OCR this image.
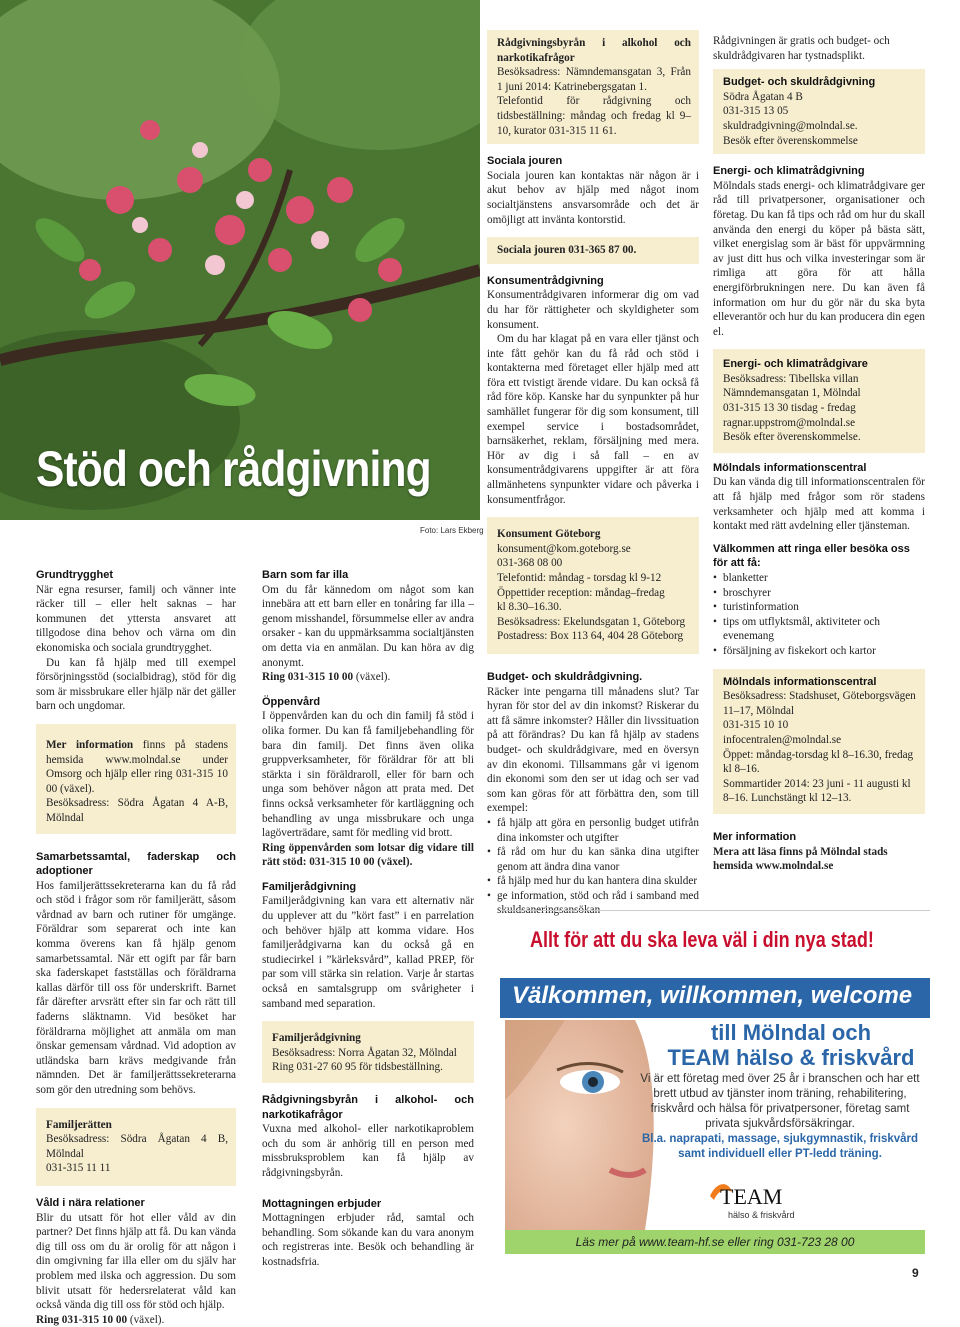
Stöd och rådgivning
Foto: Lars Ekberg

Grundtrygghet

När egna resurser, familj och vänner inte räcker till – eller helt saknas – har kommunen det yttersta ansvaret att tillgodose dina behov och värna om din ekonomiska och sociala grundtrygghet.

Du kan få hjälp med till exempel försörjningsstöd (socialbidrag), stöd för dig som är missbrukare eller hjälp när det gäller barn och ungdomar.

Mer information finns på stadens hemsida www.molndal.se under Omsorg och hjälp eller ring 031-315 10 00 (växel).

Besöksadress: Södra Ågatan 4 A-B, Mölndal

Samarbetssamtal, faderskap och adoptioner

Hos familjerättssekreterarna kan du få råd och stöd i frågor som rör familjerätt, såsom vårdnad av barn och rutiner för umgänge. Föräldrar som separerat och inte kan komma överens kan få hjälp genom samarbetssamtal. När ett ogift par får barn ska faderskapet fastställas och föräldrarna kallas därför till oss för underskrift. Barnet får därefter arvsrätt efter sin far och rätt till faderns släktnamn. Vid besöket har föräldrarna möjlighet att anmäla om man önskar gemensam vårdnad. Vid adoption av utländska barn krävs medgivande från nämnden. Det är familjerättssekreterarna som gör den utredning som behövs.

Familjerätten

Besöksadress: Södra Ågatan 4 B, Mölndal

031-315 11 11

Våld i nära relationer

Blir du utsatt för hot eller våld av din partner? Det finns hjälp att få. Du kan vända dig till oss om du är orolig för att någon i din omgivning far illa eller om du själv har problem med ilska och aggression. Du som blivit utsatt för hedersrelaterat våld kan också vända dig till oss för stöd och hjälp.

Ring 031-315 10 00 (växel).

Barn som far illa

Om du får kännedom om något som kan innebära att ett barn eller en tonåring far illa – genom misshandel, försummelse eller av andra orsaker - kan du uppmärksamma socialtjänsten om detta via en anmälan. Du kan höra av dig anonymt.

Ring 031-315 10 00 (växel).

Öppenvård

I öppenvården kan du och din familj få stöd i olika former. Du kan få familjebehandling för bara din familj. Det finns även olika gruppverksamheter, för föräldrar för att bli stärkta i sin föräldraroll, eller för barn och unga som behöver någon att prata med. Det finns också verksamheter för kartläggning och behandling av unga missbrukare och unga lagöverträdare, samt för medling vid brott.

Ring öppenvården som lotsar dig vidare till rätt stöd: 031-315 10 00 (växel).

Familjerådgivning

Familjerådgivning kan vara ett alternativ när du upplever att du ”kört fast” i en parrelation och behöver hjälp att komma vidare. Hos familjerådgivarna kan du också gå en studiecirkel i ”kärleksvård”, kallad PREP, för par som vill stärka sin relation. Varje år startas också en samtalsgrupp om svårigheter i samband med separation.

Familjerådgivning

Besöksadress: Norra Ågatan 32, Mölndal

Ring 031-27 60 95 för tidsbeställning.

Rådgivningsbyrån i alkohol- och narkotikafrågor

Vuxna med alkohol- eller narkotikaproblem och du som är anhörig till en person med missbruksproblem kan få hjälp av rådgivningsbyrån.

Mottagningen erbjuder

Mottagningen erbjuder råd, samtal och behandling. Som sökande kan du vara anonym och registreras inte. Besök och behandling är kostnadsfria.

Rådgivningsbyrån i alkohol och narkotikafrågor

Besöksadress: Nämndemansgatan 3, Från 1 juni 2014: Katrinebergsgatan 1.

Telefontid för rådgivning och tidsbeställning: måndag och fredag kl 9–10, kurator 031-315 11 61.

Sociala jouren

Sociala jouren kan kontaktas när någon är i akut behov av hjälp med något inom socialtjänstens ansvarsområde och det är omöjligt att invänta kontorstid.

Sociala jouren 031-365 87 00.

Konsumentrådgivning

Konsumentrådgivaren informerar dig om vad du har för rättigheter och skyldigheter som konsument.

Om du har klagat på en vara eller tjänst och inte fått gehör kan du få råd och stöd i kontakterna med företaget eller hjälp med att föra ett tvistigt ärende vidare. Du kan också få råd före köp. Kanske har du synpunkter på hur samhället fungerar för dig som konsument, till exempel service i bostadsområdet, barnsäkerhet, reklam, försäljning med mera. Hör av dig i så fall – en av konsumentrådgivarens uppgifter är att föra allmänhetens synpunkter vidare och påverka i konsumentfrågor.

Konsument Göteborg

konsument@kom.goteborg.se

031-368 08 00

Telefontid: måndag - torsdag kl 9-12

Öppettider reception: måndag–fredag

kl 8.30–16.30.

Besöksadress: Ekelundsgatan 1, Göteborg

Postadress: Box 113 64, 404 28 Göteborg

Budget- och skuldrådgivning.

Räcker inte pengarna till månadens slut? Tar hyran för stor del av din inkomst? Riskerar du att få sämre inkomster? Håller din livssituation på att förändras? Du kan få hjälp av stadens budget- och skuldrådgivare, med en översyn av din ekonomi. Tillsammans går vi igenom din ekonomi som den ser ut idag och ser vad som kan göras för att förbättra den, som till exempel:

• få hjälp att göra en personlig budget utifrån dina inkomster och utgifter
• få råd om hur du kan sänka dina utgifter genom att ändra dina vanor
• få hjälp med hur du kan hantera dina skulder
• ge information, stöd och råd i samband med skuldsaneringsansökan

Rådgivningen är gratis och budget- och skuldrådgivaren har tystnadsplikt.

Budget- och skuldrådgivning

Södra Ågatan 4 B

031-315 13 05

skuldradgivning@molndal.se.

Besök efter överenskommelse

Energi- och klimatrådgivning

Mölndals stads energi- och klimatrådgivare ger råd till privatpersoner, organisationer och företag. Du kan få tips och råd om hur du skall använda den energi du köper på bästa sätt, vilket energislag som är bäst för uppvärmning av just ditt hus och vilka investeringar som är rimliga att göra för att hålla energiförbrukningen nere. Du kan även få information om hur du gör när du ska byta elleverantör och hur du kan producera din egen el.

Energi- och klimatrådgivare

Besöksadress: Tibellska villan

Nämndemansgatan 1, Mölndal

031-315 13 30 tisdag - fredag

ragnar.uppstrom@molndal.se

Besök efter överenskommelse.

Mölndals informationscentral

Du kan vända dig till informationscentralen för att få hjälp med frågor som rör stadens verksamheter och hjälp med att komma i kontakt med rätt avdelning eller tjänsteman.

Välkommen att ringa eller besöka oss för att få:

• blanketter
• broschyrer
• turistinformation
• tips om utflyktsmål, aktiviteter och evenemang
• försäljning av fiskekort och kartor

Mölndals informationscentral

Besöksadress: Stadshuset, Göteborgsvägen 11–17, Mölndal

031-315 10 10

infocentralen@molndal.se

Öppet: måndag-torsdag kl 8–16.30, fredag kl 8–16.

Sommartider 2014: 23 juni - 11 augusti kl 8–16. Lunchstängt kl 12–13.

Mer information

Mera att läsa finns på Mölndal stads hemsida www.molndal.se

Allt för att du ska leva väl i din nya stad!
Välkommen, willkommen, welcome
till Mölndal och
TEAM hälso & friskvård
Vi är ett företag med över 25 år i branschen och har ett brett utbud av tjänster inom träning, rehabilitering, friskvård och hälsa för privatpersoner, företag samt privata sjukvårdsförsäkringar.
Bl.a. naprapati, massage, sjukgymnastik, friskvård samt individuell eller PT-ledd träning.
TEAM
hälso & friskvård
Läs mer på www.team-hf.se eller ring 031-723 28 00
9
